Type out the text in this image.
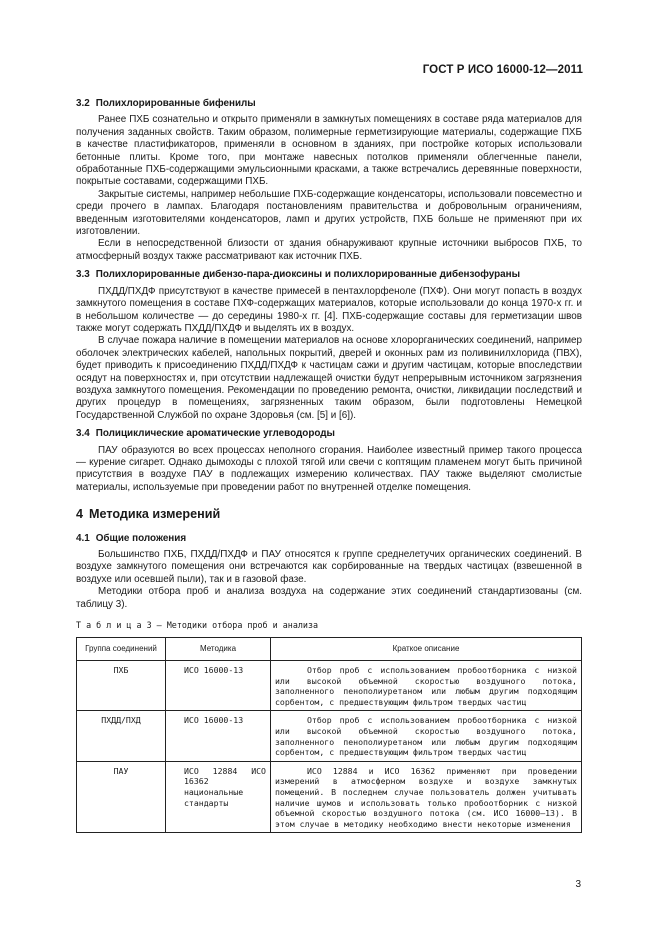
ГОСТ Р ИСО 16000-12—2011

3.2 Полихлорированные бифенилы

Ранее ПХБ сознательно и открыто применяли в замкнутых помещениях в составе ряда материалов для получения заданных свойств. Таким образом, полимерные герметизирующие материалы, содержащие ПХБ в качестве пластификаторов, применяли в основном в зданиях, при постройке которых использовали бетонные плиты. Кроме того, при монтаже навесных потолков применяли облегченные панели, обработанные ПХБ-содержащими эмульсионными красками, а также встречались деревянные поверхности, покрытые составами, содержащими ПХБ.

Закрытые системы, например небольшие ПХБ-содержащие конденсаторы, использовали повсеместно и среди прочего в лампах. Благодаря постановлениям правительства и добровольным ограничениям, введенным изготовителями конденсаторов, ламп и других устройств, ПХБ больше не применяют при их изготовлении.

Если в непосредственной близости от здания обнаруживают крупные источники выбросов ПХБ, то атмосферный воздух также рассматривают как источник ПХБ.

3.3 Полихлорированные дибензо-пара-диоксины и полихлорированные дибензофураны

ПХДД/ПХДФ присутствуют в качестве примесей в пентахлорфеноле (ПХФ). Они могут попасть в воздух замкнутого помещения в составе ПХФ-содержащих материалов, которые использовали до конца 1970-х гг. и в небольшом количестве — до середины 1980-х гг. [4]. ПХБ-содержащие составы для герметизации швов также могут содержать ПХДД/ПХДФ и выделять их в воздух.

В случае пожара наличие в помещении материалов на основе хлорорганических соединений, например оболочек электрических кабелей, напольных покрытий, дверей и оконных рам из поливинилхлорида (ПВХ), будет приводить к присоединению ПХДД/ПХДФ к частицам сажи и другим частицам, которые впоследствии осядут на поверхностях и, при отсутствии надлежащей очистки будут непрерывным источником загрязнения воздуха замкнутого помещения. Рекомендации по проведению ремонта, очистки, ликвидации последствий и других процедур в помещениях, загрязненных таким образом, были подготовлены Немецкой Государственной Службой по охране Здоровья (см. [5] и [6]).

3.4 Полициклические ароматические углеводороды

ПАУ образуются во всех процессах неполного сгорания. Наиболее известный пример такого процесса — курение сигарет. Однако дымоходы с плохой тягой или свечи с коптящим пламенем могут быть причиной присутствия в воздухе ПАУ в подлежащих измерению количествах. ПАУ также выделяют смолистые материалы, используемые при проведении работ по внутренней отделке помещения.

4 Методика измерений

4.1 Общие положения

Большинство ПХБ, ПХДД/ПХДФ и ПАУ относятся к группе среднелетучих органических соединений. В воздухе замкнутого помещения они встречаются как сорбированные на твердых частицах (взвешенной в воздухе или осевшей пыли), так и в газовой фазе.

Методики отбора проб и анализа воздуха на содержание этих соединений стандартизованы (см. таблицу 3).

Т а б л и ц а 3 — Методики отбора проб и анализа

Группа соединений	Методика	Краткое описание
ПХБ	ИСО 16000-13	Отбор проб с использованием пробоотборника с низкой или высокой объемной скоростью воздушного потока, заполненного пенополиуретаном или любым другим подходящим сорбентом, с предшествующим фильтром твердых частиц

ПХДД/ПХД	ИСО 16000-13	Отбор проб с использованием пробоотборника с низкой или высокой объемной скоростью воздушного потока, заполненного пенополиуретаном или любым другим подходящим сорбентом, с предшествующим фильтром твердых частиц

ПАУ	ИСО 12884 ИСО 16362 национальные стандарты	ИСО 12884 и ИСО 16362 применяют при проведении измерений в атмосферном воздухе и воздухе замкнутых помещений. В последнем случае пользователь должен учитывать наличие шумов и использовать только пробоотборник с низкой объемной скоростью воздушного потока (см. ИСО 16000—13). В этом случае в методику необходимо внести некоторые изменения
3
